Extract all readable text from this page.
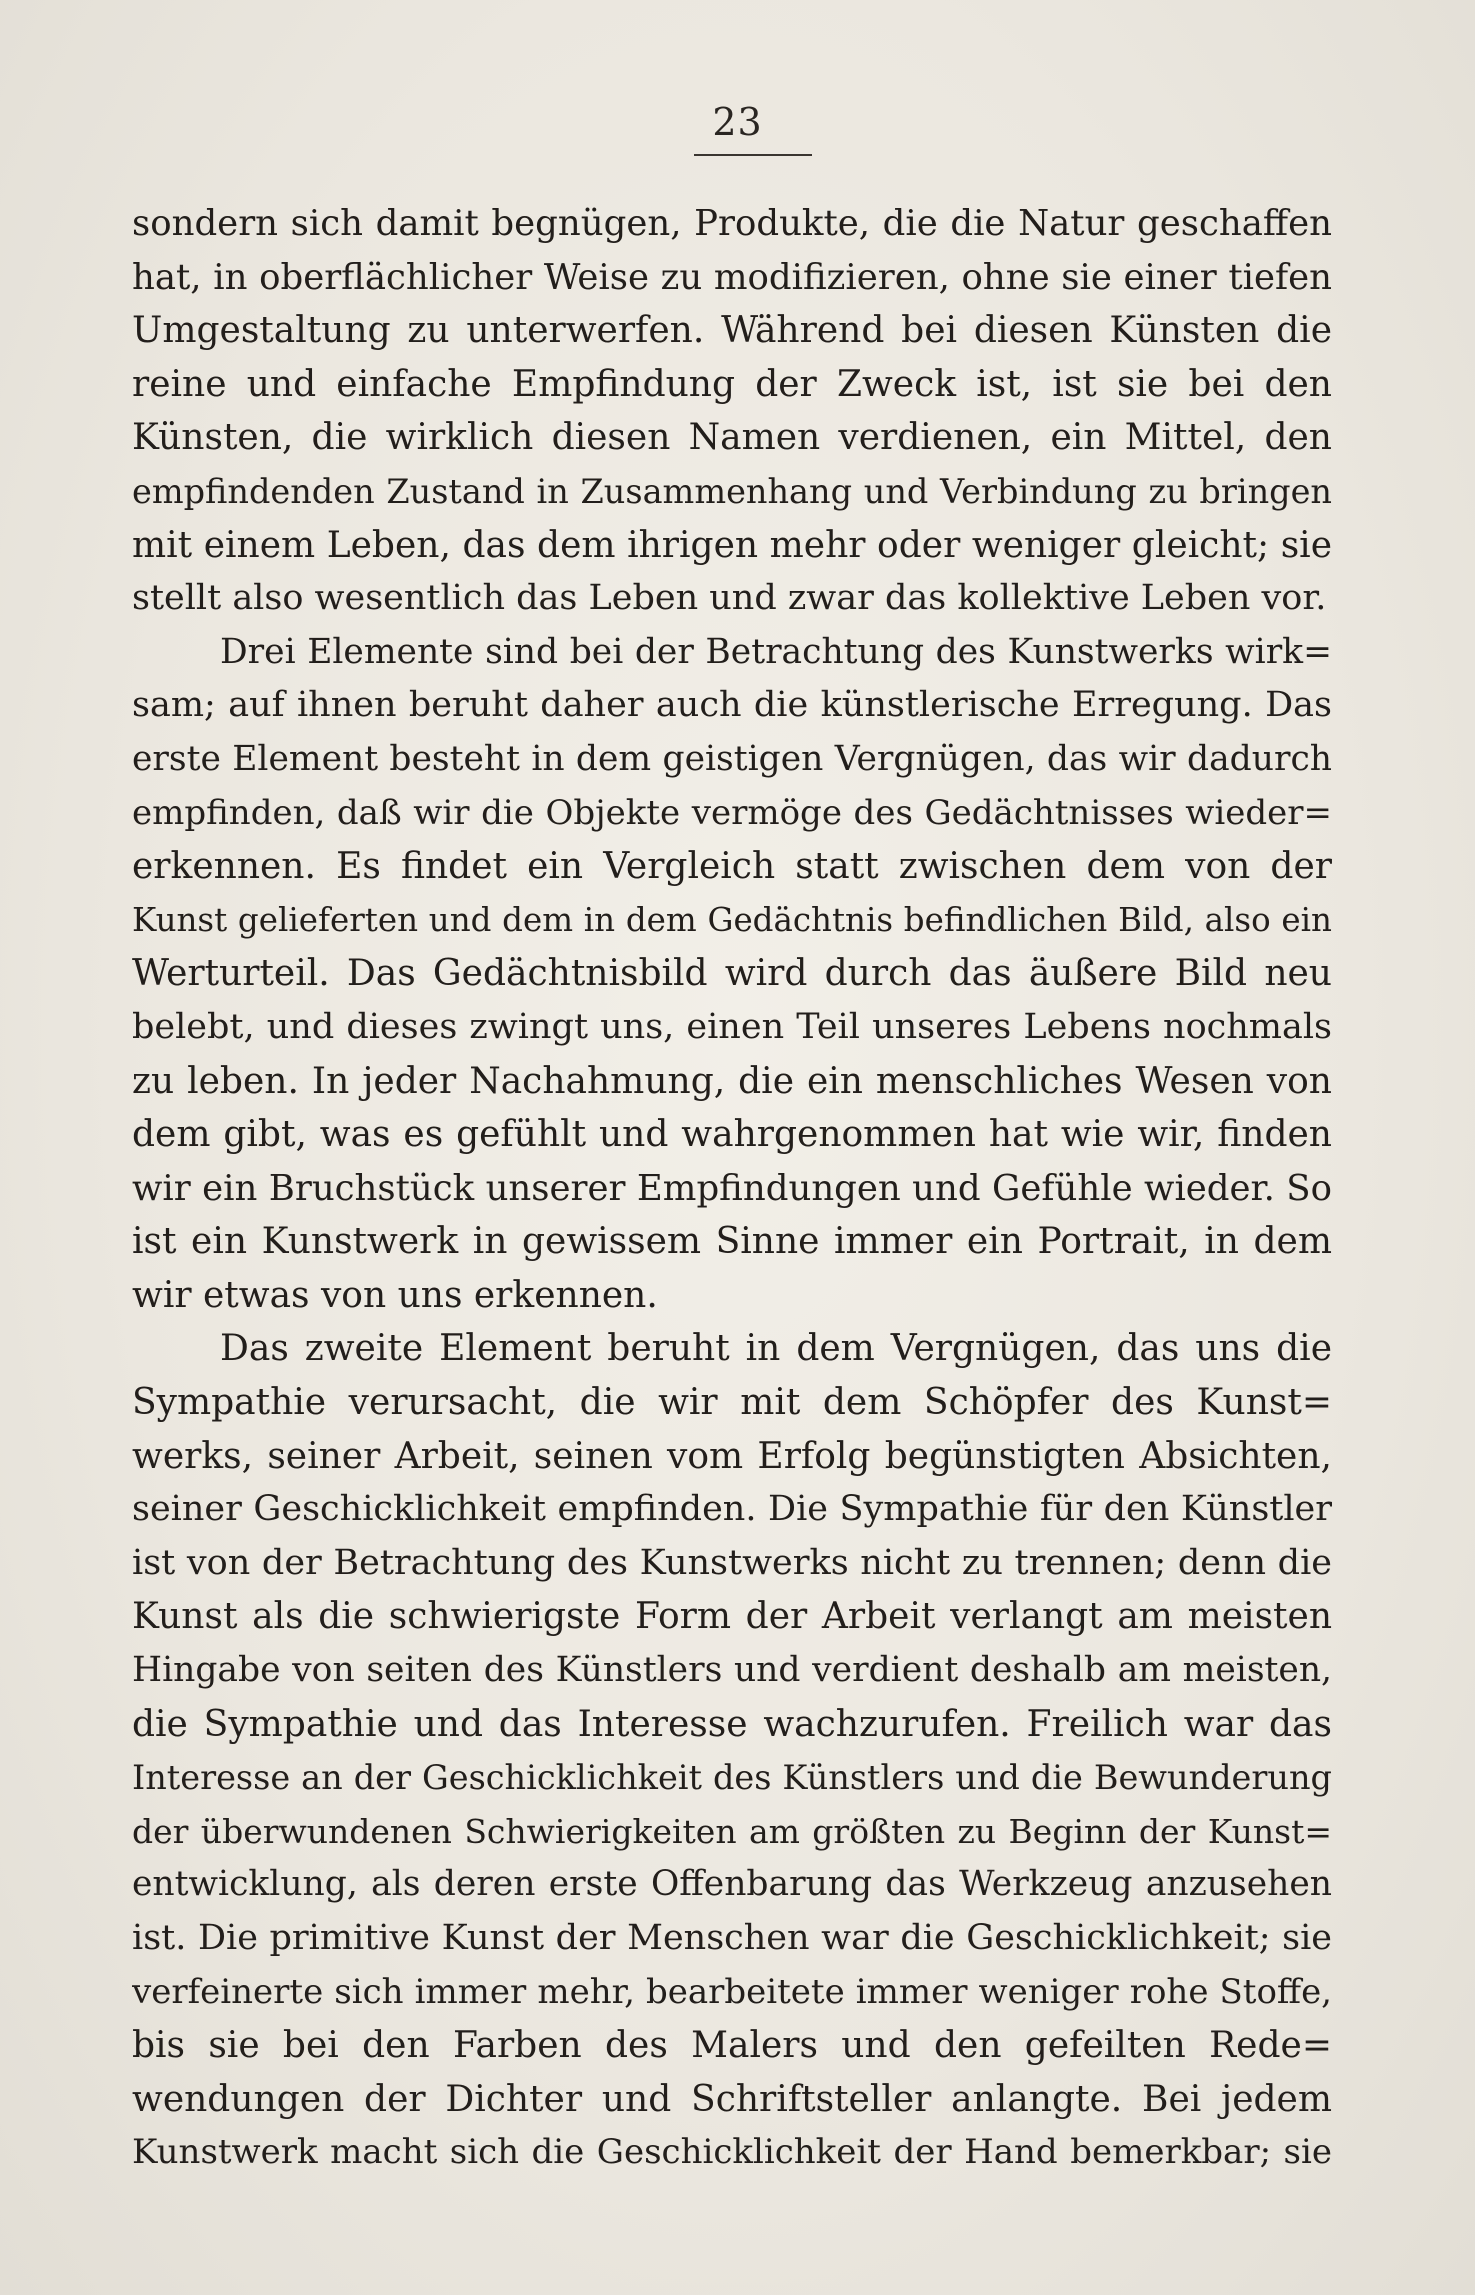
23
sondern sich damit begnügen, Produkte, die die Natur geschaffen
hat, in oberflächlicher Weise zu modifizieren, ohne sie einer tiefen
Umgestaltung zu unterwerfen. Während bei diesen Künsten die
reine und einfache Empfindung der Zweck ist, ist sie bei den
Künsten, die wirklich diesen Namen verdienen, ein Mittel, den
empfindenden Zustand in Zusammenhang und Verbindung zu bringen
mit einem Leben, das dem ihrigen mehr oder weniger gleicht; sie
stellt also wesentlich das Leben und zwar das kollektive Leben vor.
Drei Elemente sind bei der Betrachtung des Kunstwerks wirk=
sam; auf ihnen beruht daher auch die künstlerische Erregung. Das
erste Element besteht in dem geistigen Vergnügen, das wir dadurch
empfinden, daß wir die Objekte vermöge des Gedächtnisses wieder=
erkennen. Es findet ein Vergleich statt zwischen dem von der
Kunst gelieferten und dem in dem Gedächtnis befindlichen Bild, also ein
Werturteil. Das Gedächtnisbild wird durch das äußere Bild neu
belebt, und dieses zwingt uns, einen Teil unseres Lebens nochmals
zu leben. In jeder Nachahmung, die ein menschliches Wesen von
dem gibt, was es gefühlt und wahrgenommen hat wie wir, finden
wir ein Bruchstück unserer Empfindungen und Gefühle wieder. So
ist ein Kunstwerk in gewissem Sinne immer ein Portrait, in dem
wir etwas von uns erkennen.
Das zweite Element beruht in dem Vergnügen, das uns die
Sympathie verursacht, die wir mit dem Schöpfer des Kunst=
werks, seiner Arbeit, seinen vom Erfolg begünstigten Absichten,
seiner Geschicklichkeit empfinden. Die Sympathie für den Künstler
ist von der Betrachtung des Kunstwerks nicht zu trennen; denn die
Kunst als die schwierigste Form der Arbeit verlangt am meisten
Hingabe von seiten des Künstlers und verdient deshalb am meisten,
die Sympathie und das Interesse wachzurufen. Freilich war das
Interesse an der Geschicklichkeit des Künstlers und die Bewunderung
der überwundenen Schwierigkeiten am größten zu Beginn der Kunst=
entwicklung, als deren erste Offenbarung das Werkzeug anzusehen
ist. Die primitive Kunst der Menschen war die Geschicklichkeit; sie
verfeinerte sich immer mehr, bearbeitete immer weniger rohe Stoffe,
bis sie bei den Farben des Malers und den gefeilten Rede=
wendungen der Dichter und Schriftsteller anlangte. Bei jedem
Kunstwerk macht sich die Geschicklichkeit der Hand bemerkbar; sie
